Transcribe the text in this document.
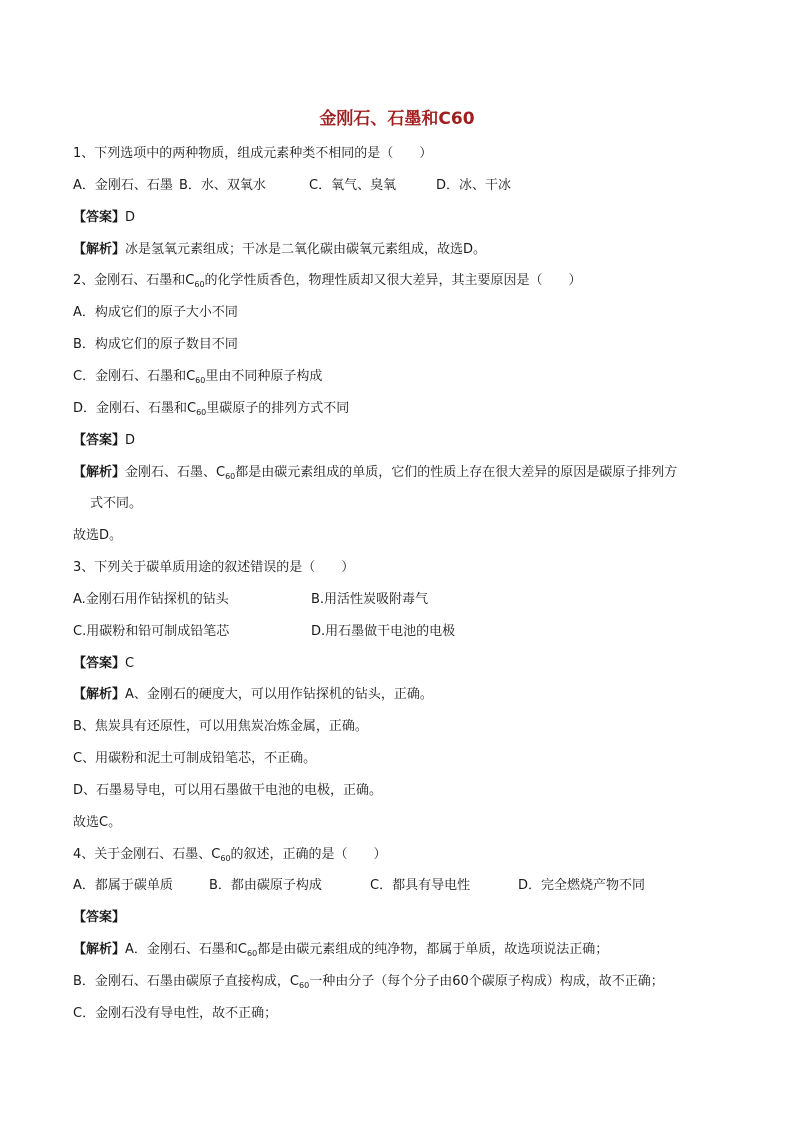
金刚石、石墨和C60
1、下列选项中的两种物质，组成元素种类不相同的是（　　）
A．金刚石、石墨 B．水、双氧水	C．氧气、臭氧	D．冰、干冰
【答案】D
【解析】冰是氢氧元素组成；干冰是二氧化碳由碳氧元素组成，故选D。
2、金刚石、石墨和$C_{60}$的化学性质香色，物理性质却又很大差异，其主要原因是（　　）
A．构成它们的原子大小不同
B．构成它们的原子数目不同
C．金刚石、石墨和$C_{60}$里由不同种原子构成
D．金刚石、石墨和$C_{60}$里碳原子的排列方式不同
【答案】D
【解析】金刚石、石墨、$C_{60}$都是由碳元素组成的单质，它们的性质上存在很大差异的原因是碳原子排列方
式不同。
故选D。
3、下列关于碳单质用途的叙述错误的是（　　）
A.金刚石用作钻探机的钻头	B.用活性炭吸附毒气
C.用碳粉和铅可制成铅笔芯	D.用石墨做干电池的电极
【答案】C
【解析】A、金刚石的硬度大，可以用作钻探机的钻头，正确。
B、焦炭具有还原性，可以用焦炭冶炼金属，正确。
C、用碳粉和泥土可制成铅笔芯，不正确。
D、石墨易导电，可以用石墨做干电池的电极，正确。
故选C。
4、关于金刚石、石墨、$C_{60}$的叙述，正确的是（　　）
A．都属于碳单质	B．都由碳原子构成	C．都具有导电性	D．完全燃烧产物不同
【答案】
【解析】A．金刚石、石墨和$C_{60}$都是由碳元素组成的纯净物，都属于单质，故选项说法正确；
B．金刚石、石墨由碳原子直接构成，$C_{60}$一种由分子（每个分子由60个碳原子构成）构成，故不正确；
C．金刚石没有导电性，故不正确；
